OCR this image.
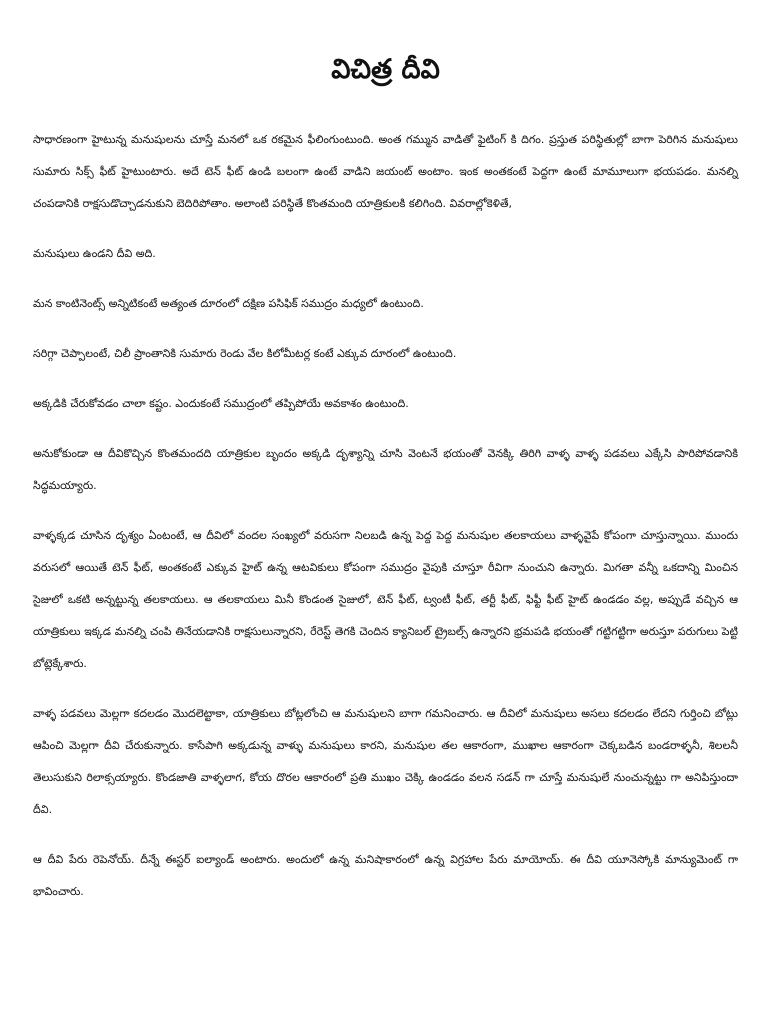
విచిత్ర దీవి

సాధారణంగా హైటున్న మనుషులను చూస్తే మనలో ఒక రకమైన ఫీలింగుంటుంది. అంత గమ్మున వాడితో ఫైటింగ్ కి దిగం. ప్రస్తుత పరిస్థితుల్లో బాగా పెరిగిన మనుషులు సుమారు సిక్స్ ఫీట్ హైటుంటారు. అదే టెన్ ఫీట్ ఉండి బలంగా ఉంటే వాడిని జయంట్ అంటాం. ఇంక అంతకంటే పెద్దగా ఉంటే మామూలుగా భయపడం. మనల్ని చంపడానికి రాక్షసుడొచ్చాడనుకుని బెదిరిపోతాం. అలాంటి పరిస్థితే కొంతమంది యాత్రికులకి కలిగింది. వివరాల్లోకెళితే,

మనుషులు ఉండని దీవి అది.

మన కాంటినెంట్స్ అన్నిటికంటే అత్యంత దూరంలో దక్షిణ పసిఫిక్ సముద్రం మధ్యలో ఉంటుంది.

సరిగ్గా చెప్పాలంటే, చిలీ ప్రాంతానికి సుమారు రెండు వేల కిలోమీటర్ల కంటే ఎక్కువ దూరంలో ఉంటుంది.

అక్కడికి చేరుకోవడం చాలా కష్టం. ఎందుకంటే సముద్రంలో తప్పిపోయే అవకాశం ఉంటుంది.

అనుకోకుండా ఆ దీవికొచ్చిన కొంతమందది యాత్రికుల బృందం అక్కడి దృశ్యాన్ని చూసి వెంటనే భయంతో వెనక్కి తిరిగి వాళ్ళ వాళ్ళ పడవలు ఎక్కేసి పారిపోవడానికి సిద్ధమయ్యారు.

వాళ్ళక్కడ చూసిన దృశ్యం ఏంటంటే, ఆ దీవిలో వందల సంఖ్యలో వరుసగా నిలబడి ఉన్న పెద్ద పెద్ద మనుషుల తలకాయలు వాళ్ళవైపే కోపంగా చూస్తున్నాయి. ముందు వరుసలో ఆయితే టెన్ ఫీట్, అంతకంటే ఎక్కువ హైట్ ఉన్న ఆటవికులు కోపంగా సముద్రం వైపుకి చూస్తూ రీవిగా నుంచుని ఉన్నారు. మిగతా వన్నీ ఒకదాన్ని మించిన సైజులో ఒకటి అన్నట్టున్న తలకాయలు. ఆ తలకాయలు మినీ కొండంత సైజులో, టెన్ ఫీట్, ట్వంటీ ఫీట్, తర్టీ ఫీట్, ఫిఫ్టీ ఫీట్ హైట్ ఉండడం వల్ల, అప్పుడే వచ్చిన ఆ యాత్రికులు ఇక్కడ మనల్ని చంపి తినేయడానికి రాక్షసులున్నారని, రేరెస్ట్ తెగకి చెందిన క్యానిబల్ ట్రైబల్స్ ఉన్నారని భ్రమపడి భయంతో గట్టిగట్టిగా అరుస్తూ పరుగులు పెట్టి బోట్లెక్కేశారు.

వాళ్ళ పడవలు మెల్లగా కదలడం మొదలెట్టాకా, యాత్రికులు బోట్లలోంచి ఆ మనుషులని బాగా గమనించారు. ఆ దీవిలో మనుషులు అసలు కదలడం లేదని గుర్తించి బోట్లు ఆపించి మెల్లగా దీవి చేరుకున్నారు. కాసేపాగి అక్కడున్న వాళ్ళు మనుషులు కారని, మనుషుల తల ఆకారంగా, ముఖాల ఆకారంగా చెక్కబడిన బండరాళ్ళనీ, శిలలనీ తెలుసుకుని రిలాక్సయ్యారు. కొండజాతి వాళ్ళలాగ, కోయ దొరల ఆకారంలో ప్రతి ముఖం చెక్కి ఉండడం వలన సడన్ గా చూస్తే మనుషులే నుంచున్నట్టు గా అనిపిస్తుందా దీవి.

ఆ దీవి పేరు రెపెనోయ్. దీన్నే ఈస్టర్ ఐల్యాండ్ అంటారు. అందులో ఉన్న మనిషాకారంలో ఉన్న విగ్రహాల పేరు మాయోయ్. ఈ దీవి యూనెస్కోకి మాన్యుమెంట్ గా భావించారు.
